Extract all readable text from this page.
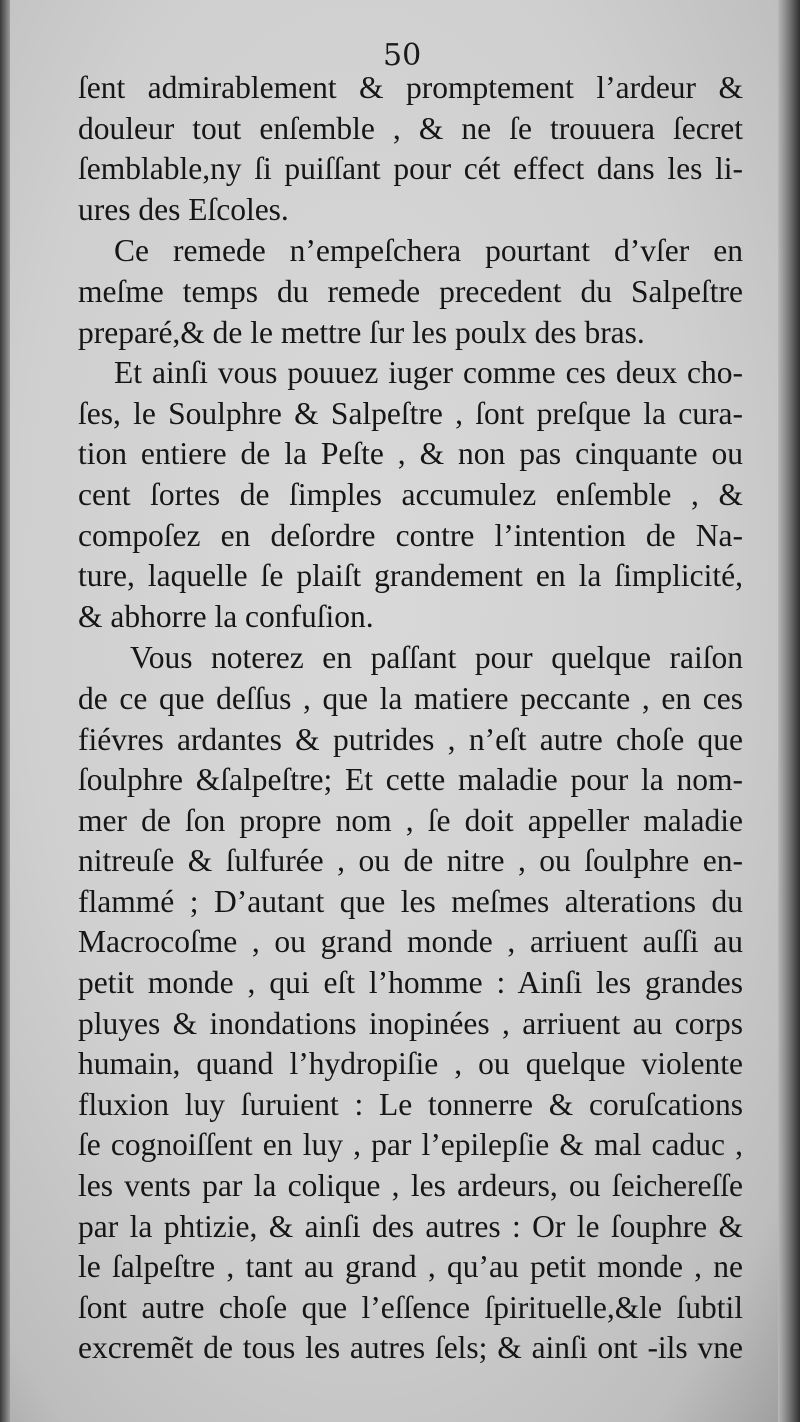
50
ſent admirablement & promptement l’ardeur &
douleur tout enſemble , & ne ſe trouuera ſecret
ſemblable,ny ſi puiſſant pour cét effect dans les li-
ures des Eſcoles.
Ce remede n’empeſchera pourtant d’vſer en
meſme temps du remede precedent du Salpeſtre
preparé,& de le mettre ſur les poulx des bras.
Et ainſi vous pouuez iuger comme ces deux cho-
ſes, le Soulphre & Salpeſtre , ſont preſque la cura-
tion entiere de la Peſte , & non pas cinquante ou
cent ſortes de ſimples accumulez enſemble , &
compoſez en deſordre contre l’intention de Na-
ture, laquelle ſe plaiſt grandement en la ſimplicité,
& abhorre la confuſion.
Vous noterez en paſſant pour quelque raiſon
de ce que deſſus , que la matiere peccante , en ces
fiévres ardantes & putrides , n’eſt autre choſe que
ſoulphre &ſalpeſtre; Et cette maladie pour la nom-
mer de ſon propre nom , ſe doit appeller maladie
nitreuſe & ſulfurée , ou de nitre , ou ſoulphre en-
flammé ; D’autant que les meſmes alterations du
Macrocoſme , ou grand monde , arriuent auſſi au
petit monde , qui eſt l’homme : Ainſi les grandes
pluyes & inondations inopinées , arriuent au corps
humain, quand l’hydropiſie , ou quelque violente
fluxion luy ſuruient : Le tonnerre & coruſcations
ſe cognoiſſent en luy , par l’epilepſie & mal caduc ,
les vents par la colique , les ardeurs, ou ſeichereſſe
par la phtizie, & ainſi des autres : Or le ſouphre &
le ſalpeſtre , tant au grand , qu’au petit monde , ne
ſont autre choſe que l’eſſence ſpirituelle,&le ſubtil
excremẽt de tous les autres ſels; & ainſi ont -ils vne
